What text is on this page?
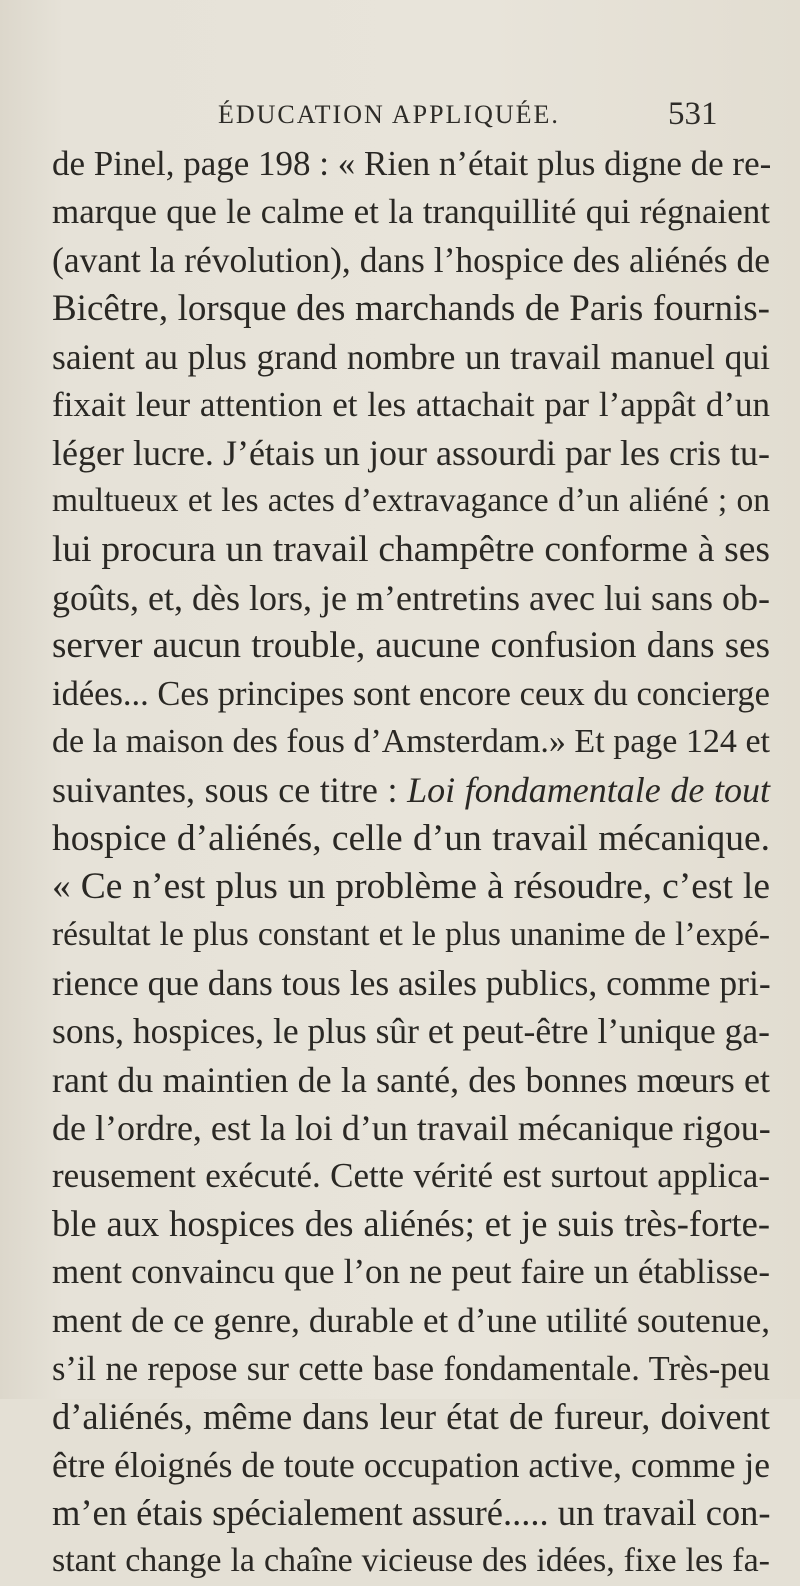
ÉDUCATION APPLIQUÉE.	531
de Pinel, page 198 : « Rien n’était plus digne de re-
marque que le calme et la tranquillité qui régnaient
(avant la révolution), dans l’hospice des aliénés de
Bicêtre, lorsque des marchands de Paris fournis-
saient au plus grand nombre un travail manuel qui
fixait leur attention et les attachait par l’appât d’un
léger lucre. J’étais un jour assourdi par les cris tu-
multueux et les actes d’extravagance d’un aliéné ; on
lui procura un travail champêtre conforme à ses
goûts, et, dès lors, je m’entretins avec lui sans ob-
server aucun trouble, aucune confusion dans ses
idées... Ces principes sont encore ceux du concierge
de la maison des fous d’Amsterdam.» Et page 124 et
suivantes, sous ce titre : Loi fondamentale de tout
hospice d’aliénés, celle d’un travail mécanique.
« Ce n’est plus un problème à résoudre, c’est le
résultat le plus constant et le plus unanime de l’expé-
rience que dans tous les asiles publics, comme pri-
sons, hospices, le plus sûr et peut-être l’unique ga-
rant du maintien de la santé, des bonnes mœurs et
de l’ordre, est la loi d’un travail mécanique rigou-
reusement exécuté. Cette vérité est surtout applica-
ble aux hospices des aliénés; et je suis très-forte-
ment convaincu que l’on ne peut faire un établisse-
ment de ce genre, durable et d’une utilité soutenue,
s’il ne repose sur cette base fondamentale. Très-peu
d’aliénés, même dans leur état de fureur, doivent
être éloignés de toute occupation active, comme je
m’en étais spécialement assuré..... un travail con-
stant change la chaîne vicieuse des idées, fixe les fa-
